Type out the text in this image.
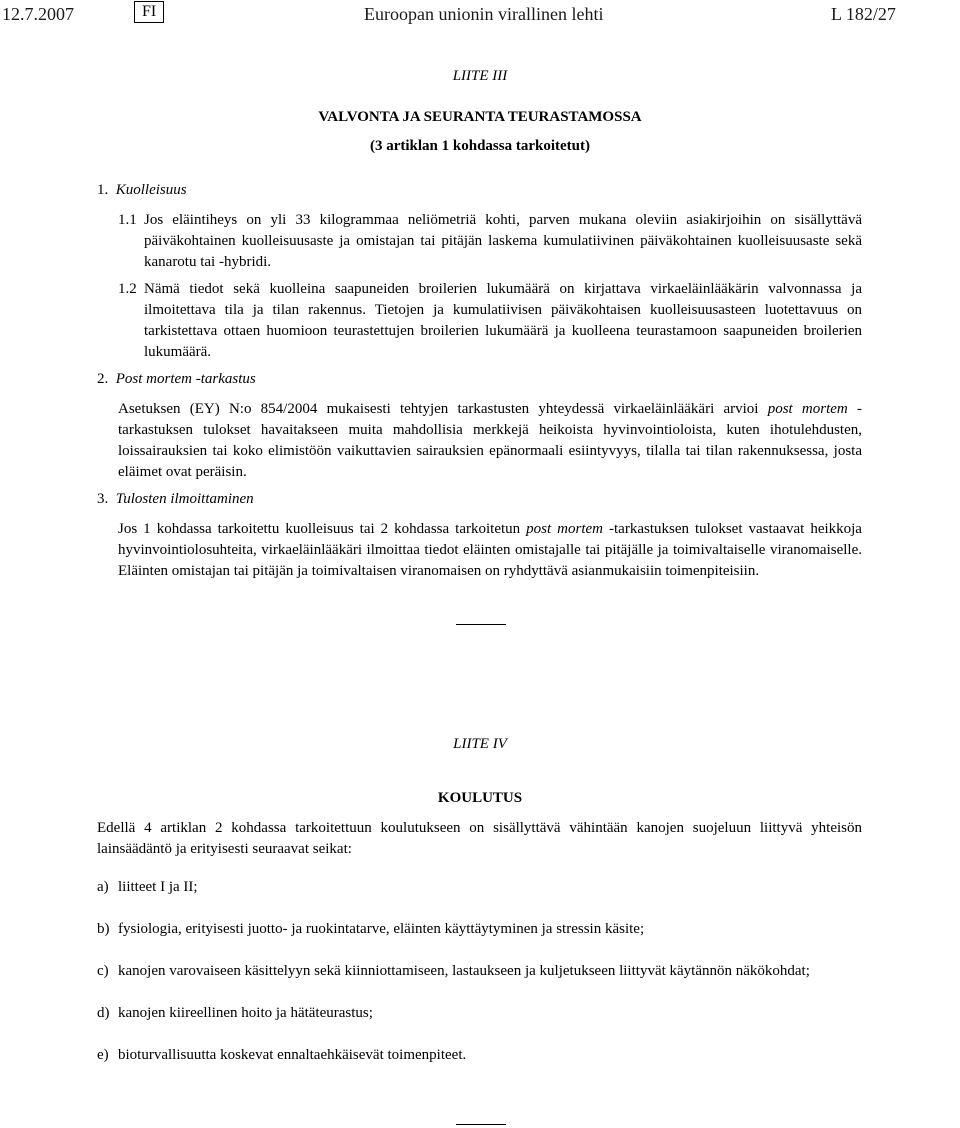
12.7.2007	FI	Euroopan unionin virallinen lehti	L 182/27
LIITE III
VALVONTA JA SEURANTA TEURASTAMOSSA
(3 artiklan 1 kohdassa tarkoitetut)
1. Kuolleisuus
1.1 Jos eläintiheys on yli 33 kilogrammaa neliömetriä kohti, parven mukana oleviin asiakirjoihin on sisällyttävä päiväkohtainen kuolleisuusaste ja omistajan tai pitäjän laskema kumulatiivinen päiväkohtainen kuolleisuusaste sekä kanarotu tai -hybridi.
1.2 Nämä tiedot sekä kuolleina saapuneiden broilerien lukumäärä on kirjattava virkaeläinlääkärin valvonnassa ja ilmoitettava tila ja tilan rakennus. Tietojen ja kumulatiivisen päiväkohtaisen kuolleisuusasteen luotettavuus on tarkistettava ottaen huomioon teurastettujen broilerien lukumäärä ja kuolleena teurastamoon saapuneiden broilerien lukumäärä.
2. Post mortem -tarkastus
Asetuksen (EY) N:o 854/2004 mukaisesti tehtyjen tarkastusten yhteydessä virkaeläinlääkäri arvioi post mortem -tarkastuksen tulokset havaitakseen muita mahdollisia merkkejä heikoista hyvinvointioloista, kuten ihotulehdusten, loissairauksien tai koko elimistöön vaikuttavien sairauksien epänormaali esiintyvyys, tilalla tai tilan rakennuksessa, josta eläimet ovat peräisin.
3. Tulosten ilmoittaminen
Jos 1 kohdassa tarkoitettu kuolleisuus tai 2 kohdassa tarkoitetun post mortem -tarkastuksen tulokset vastaavat heikkoja hyvinvointiolosuhteita, virkaeläinlääkäri ilmoittaa tiedot eläinten omistajalle tai pitäjälle ja toimivaltaiselle viranomaiselle. Eläinten omistajan tai pitäjän ja toimivaltaisen viranomaisen on ryhdyttävä asianmukaisiin toimenpiteisiin.
LIITE IV
KOULUTUS
Edellä 4 artiklan 2 kohdassa tarkoitettuun koulutukseen on sisällyttävä vähintään kanojen suojeluun liittyvä yhteisön lainsäädäntö ja erityisesti seuraavat seikat:
a) liitteet I ja II;
b) fysiologia, erityisesti juotto- ja ruokintatarve, eläinten käyttäytyminen ja stressin käsite;
c) kanojen varovaiseen käsittelyyn sekä kiinniottamiseen, lastaukseen ja kuljetukseen liittyvät käytännön näkökohdat;
d) kanojen kiireellinen hoito ja hätäteurastus;
e) bioturvallisuutta koskevat ennaltaehkäisevät toimenpiteet.
